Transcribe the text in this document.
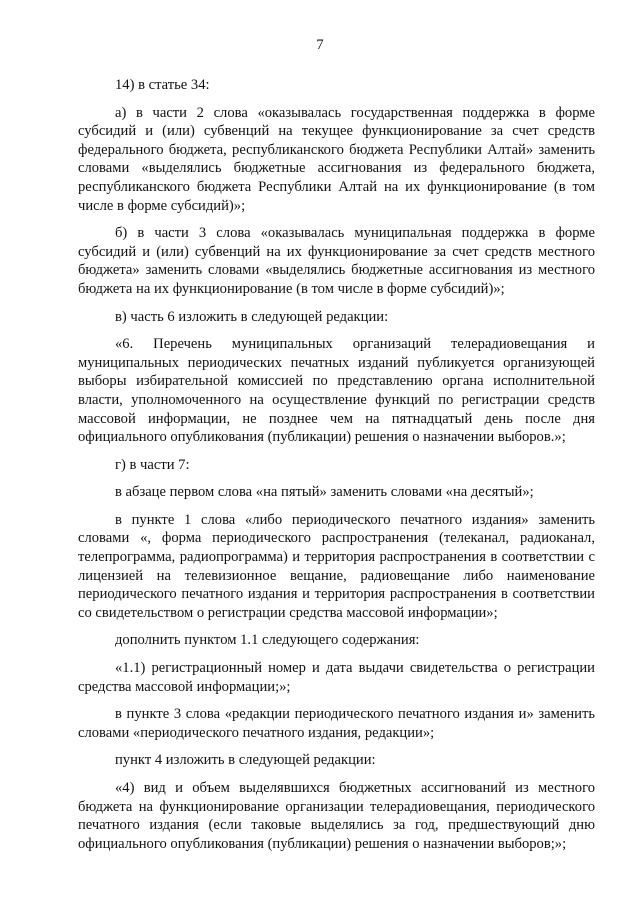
7

14) в статье 34:

а) в части 2 слова «оказывалась государственная поддержка в форме субсидий и (или) субвенций на текущее функционирование за счет средств федерального бюджета, республиканского бюджета Республики Алтай» заменить словами «выделялись бюджетные ассигнования из федерального бюджета, республиканского бюджета Республики Алтай на их функционирование (в том числе в форме субсидий)»;

б) в части 3 слова «оказывалась муниципальная поддержка в форме субсидий и (или) субвенций на их функционирование за счет средств местного бюджета» заменить словами «выделялись бюджетные ассигнования из местного бюджета на их функционирование (в том числе в форме субсидий)»;

в) часть 6 изложить в следующей редакции:

«6. Перечень муниципальных организаций телерадиовещания и муниципальных периодических печатных изданий публикуется организующей выборы избирательной комиссией по представлению органа исполнительной власти, уполномоченного на осуществление функций по регистрации средств массовой информации, не позднее чем на пятнадцатый день после дня официального опубликования (публикации) решения о назначении выборов.»;

г) в части 7:

в абзаце первом слова «на пятый» заменить словами «на десятый»;

в пункте 1 слова «либо периодического печатного издания» заменить словами «, форма периодического распространения (телеканал, радиоканал, телепрограмма, радиопрограмма) и территория распространения в соответствии с лицензией на телевизионное вещание, радиовещание либо наименование периодического печатного издания и территория распространения в соответствии со свидетельством о регистрации средства массовой информации»;

дополнить пунктом 1.1 следующего содержания:

«1.1) регистрационный номер и дата выдачи свидетельства о регистрации средства массовой информации;»;

в пункте 3 слова «редакции периодического печатного издания и» заменить словами «периодического печатного издания, редакции»;

пункт 4 изложить в следующей редакции:

«4) вид и объем выделявшихся бюджетных ассигнований из местного бюджета на функционирование организации телерадиовещания, периодического печатного издания (если таковые выделялись за год, предшествующий дню официального опубликования (публикации) решения о назначении выборов;»;
